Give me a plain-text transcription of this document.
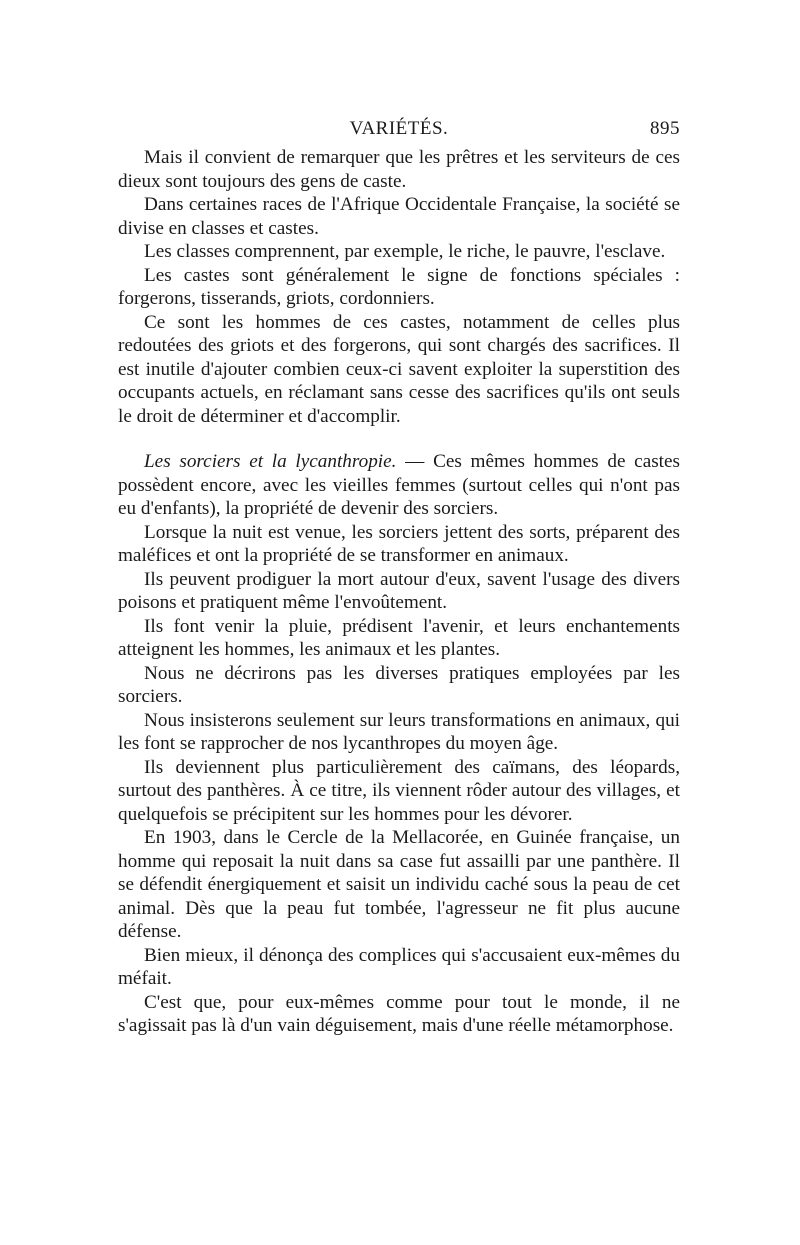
VARIÉTÉS.	895

Mais il convient de remarquer que les prêtres et les serviteurs de ces dieux sont toujours des gens de caste.

Dans certaines races de l'Afrique Occidentale Française, la société se divise en classes et castes.

Les classes comprennent, par exemple, le riche, le pauvre, l'esclave.

Les castes sont généralement le signe de fonctions spéciales : forgerons, tisserands, griots, cordonniers.

Ce sont les hommes de ces castes, notamment de celles plus redoutées des griots et des forgerons, qui sont chargés des sacrifices. Il est inutile d'ajouter combien ceux-ci savent exploiter la superstition des occupants actuels, en réclamant sans cesse des sacrifices qu'ils ont seuls le droit de déterminer et d'accomplir.

Les sorciers et la lycanthropie. — Ces mêmes hommes de castes possèdent encore, avec les vieilles femmes (surtout celles qui n'ont pas eu d'enfants), la propriété de devenir des sorciers.

Lorsque la nuit est venue, les sorciers jettent des sorts, préparent des maléfices et ont la propriété de se transformer en animaux.

Ils peuvent prodiguer la mort autour d'eux, savent l'usage des divers poisons et pratiquent même l'envoûtement.

Ils font venir la pluie, prédisent l'avenir, et leurs enchantements atteignent les hommes, les animaux et les plantes.

Nous ne décrirons pas les diverses pratiques employées par les sorciers.

Nous insisterons seulement sur leurs transformations en animaux, qui les font se rapprocher de nos lycanthropes du moyen âge.

Ils deviennent plus particulièrement des caïmans, des léopards, surtout des panthères. À ce titre, ils viennent rôder autour des villages, et quelquefois se précipitent sur les hommes pour les dévorer.

En 1903, dans le Cercle de la Mellacorée, en Guinée française, un homme qui reposait la nuit dans sa case fut assailli par une panthère. Il se défendit énergiquement et saisit un individu caché sous la peau de cet animal. Dès que la peau fut tombée, l'agresseur ne fit plus aucune défense.

Bien mieux, il dénonça des complices qui s'accusaient eux-mêmes du méfait.

C'est que, pour eux-mêmes comme pour tout le monde, il ne s'agissait pas là d'un vain déguisement, mais d'une réelle métamorphose.
